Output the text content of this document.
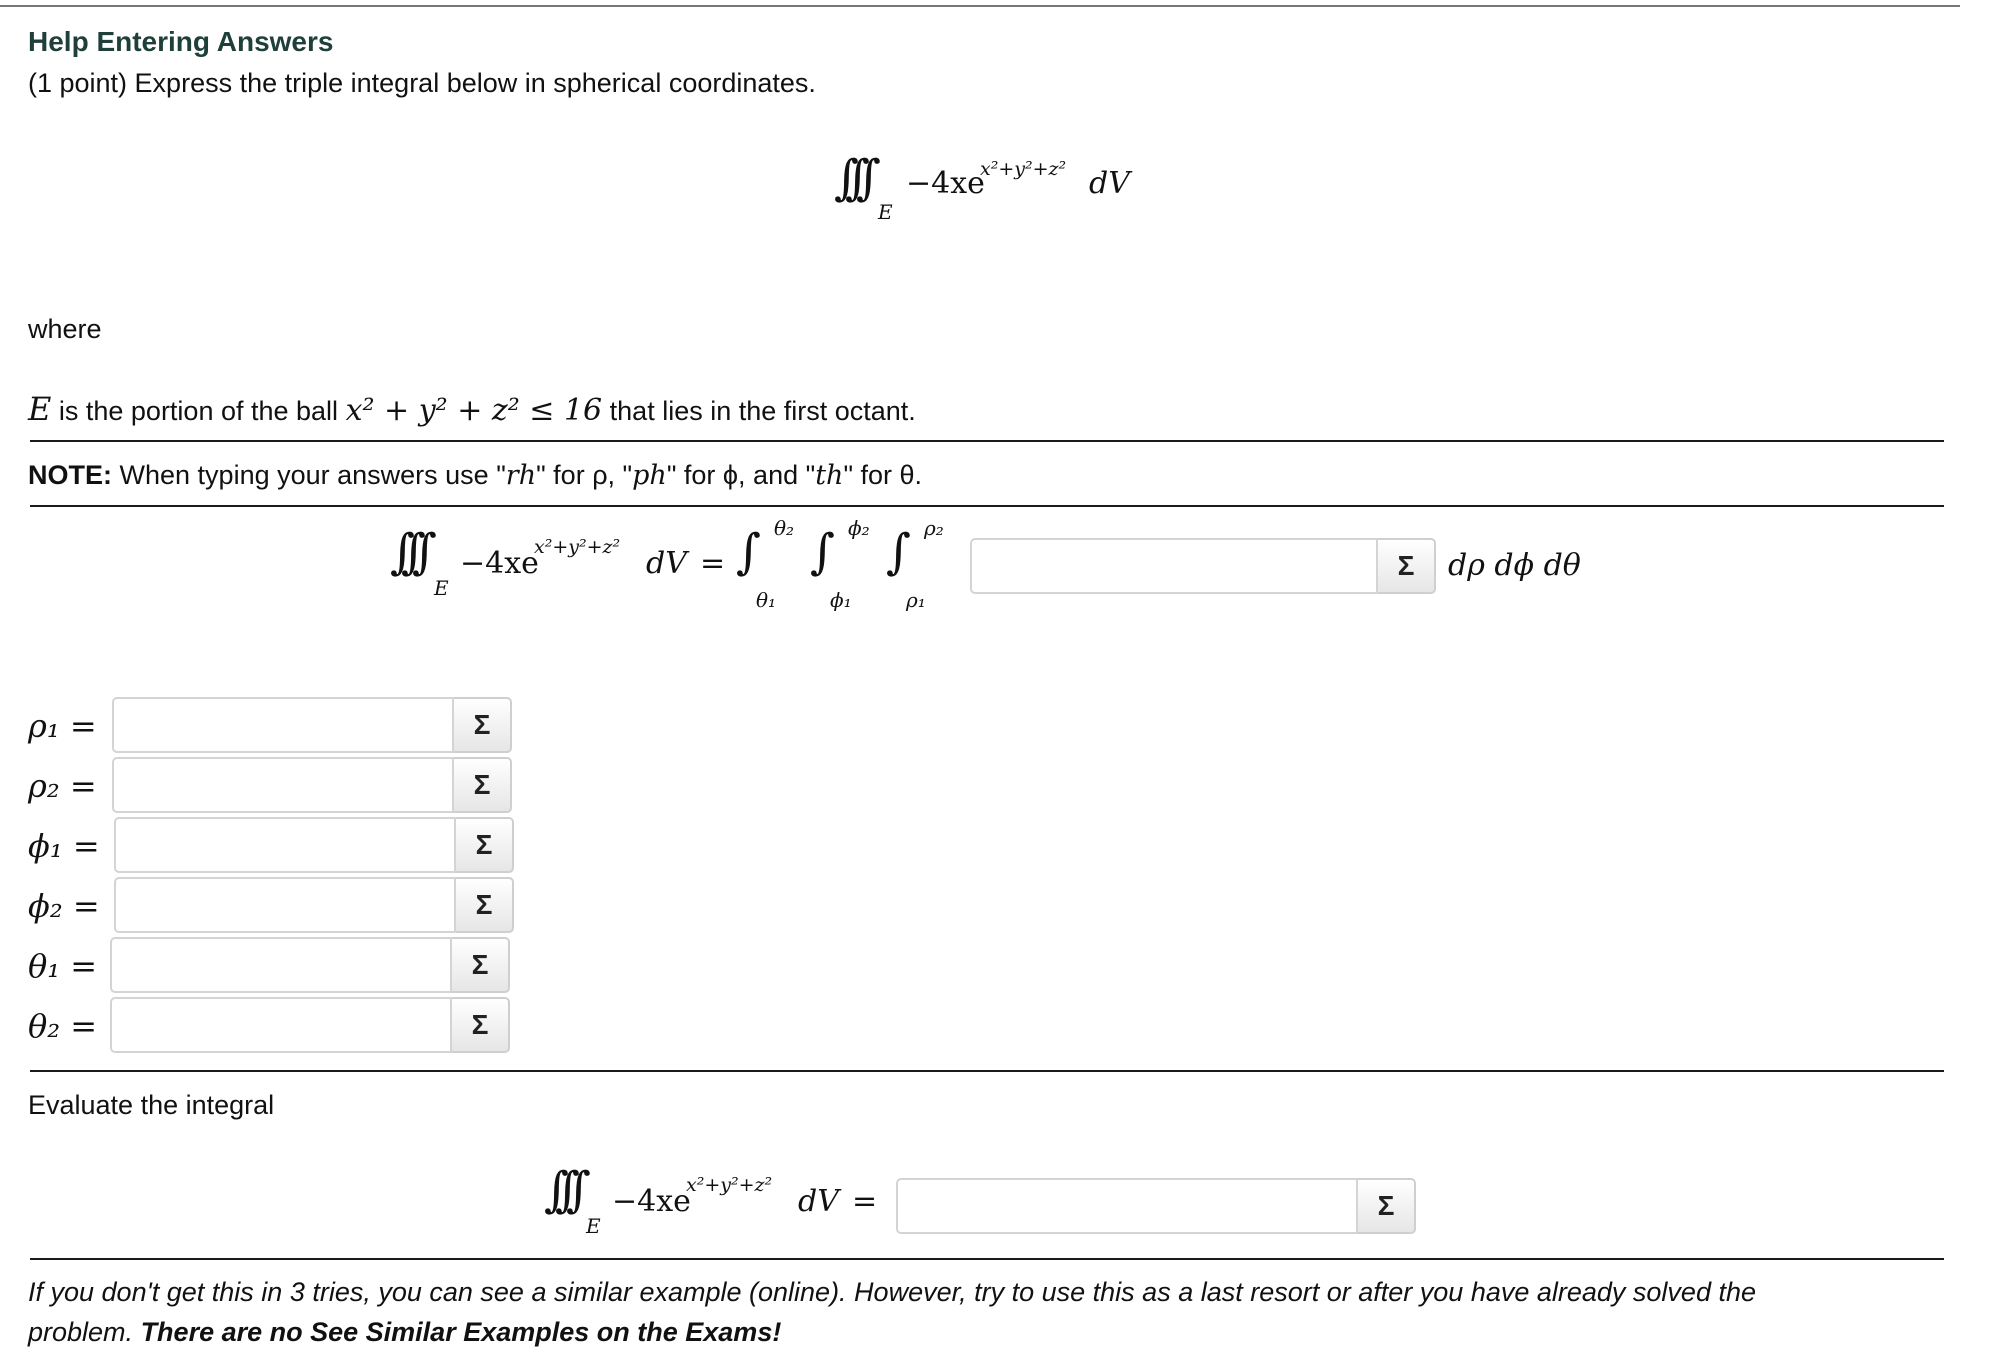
Help Entering Answers
(1 point) Express the triple integral below in spherical coordinates.
∫∫∫
E
−4xe
x²+y²+z² dV
where
E is the portion of the ball x² + y² + z² ≤ 16 that lies in the first octant.
NOTE: When typing your answers use "rh" for ρ, "ph" for ϕ, and "th" for θ.
∫∫∫
E
−4xe
x²+y²+z² dV = ∫ θ₂
θ₁
∫ ϕ₂
ϕ₁
∫ ρ₂
ρ₁
Σ dρ dϕ dθ
ρ₁ =	Σ
ρ₂ =	Σ
ϕ₁ =	Σ
ϕ₂ =	Σ
θ₁ =	Σ
θ₂ =	Σ
Evaluate the integral
∫∫∫
E
−4xe
x²+y²+z² dV =	Σ
If you don't get this in 3 tries, you can see a similar example (online). However, try to use this as a last resort or after you have already solved the
problem. There are no See Similar Examples on the Exams!
